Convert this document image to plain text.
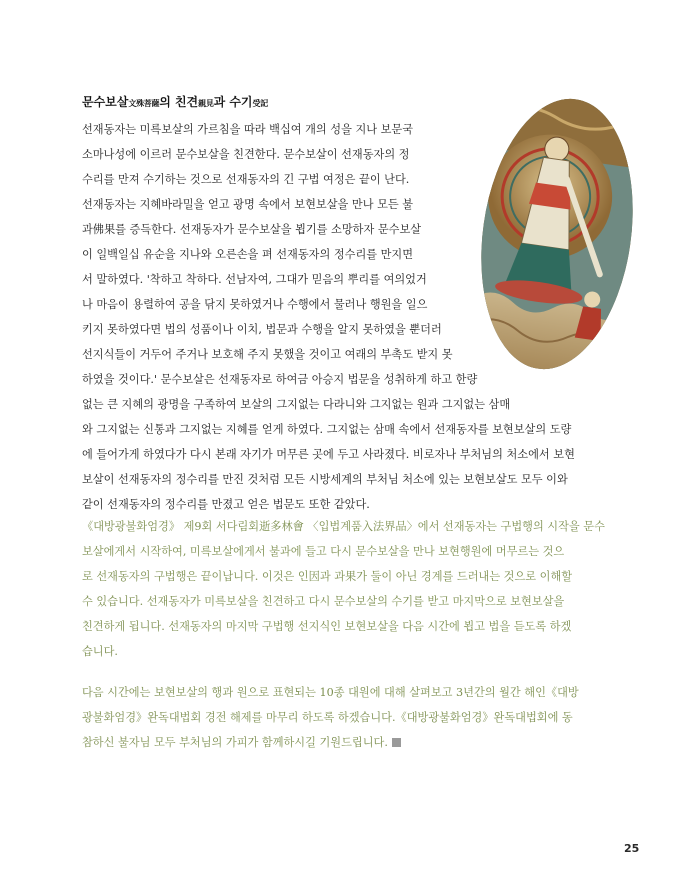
문수보살文殊菩薩의 친견親見과 수기受記
선재동자는 미륵보살의 가르침을 따라 백십여 개의 성을 지나 보문국
소마나성에 이르러 문수보살을 친견한다. 문수보살이 선재동자의 정
수리를 만져 수기하는 것으로 선재동자의 긴 구법 여정은 끝이 난다.
선재동자는 지혜바라밀을 얻고 광명 속에서 보현보살을 만나 모든 불
과佛果를 증득한다. 선재동자가 문수보살을 뵙기를 소망하자 문수보살
이 일백일십 유순을 지나와 오른손을 펴 선재동자의 정수리를 만지면
서 말하였다. '착하고 착하다. 선남자여, 그대가 믿음의 뿌리를 여의었거
나 마음이 용렬하여 공을 닦지 못하였거나 수행에서 물러나 행원을 일으
키지 못하였다면 법의 성품이나 이치, 법문과 수행을 알지 못하였을 뿐더러
선지식들이 거두어 주거나 보호해 주지 못했을 것이고 여래의 부촉도 받지 못
하였을 것이다.' 문수보살은 선재동자로 하여금 아승지 법문을 성취하게 하고 한량
없는 큰 지혜의 광명을 구족하여 보살의 그지없는 다라니와 그지없는 원과 그지없는 삼매
와 그지없는 신통과 그지없는 지혜를 얻게 하였다. 그지없는 삼매 속에서 선재동자를 보현보살의 도량
에 들어가게 하였다가 다시 본래 자기가 머무른 곳에 두고 사라졌다. 비로자나 부처님의 처소에서 보현
보살이 선재동자의 정수리를 만진 것처럼 모든 시방세계의 부처님 처소에 있는 보현보살도 모두 이와
같이 선재동자의 정수리를 만졌고 얻은 법문도 또한 같았다.
《대방광불화엄경》 제9회 서다림회逝多林會 〈입법계품入法界品〉에서 선재동자는 구법행의 시작을 문수
보살에게서 시작하여, 미륵보살에게서 불과에 들고 다시 문수보살을 만나 보현행원에 머무르는 것으
로 선재동자의 구법행은 끝이납니다. 이것은 인因과 과果가 둘이 아닌 경계를 드러내는 것으로 이해할
수 있습니다. 선재동자가 미륵보살을 친견하고 다시 문수보살의 수기를 받고 마지막으로 보현보살을
친견하게 됩니다. 선재동자의 마지막 구법행 선지식인 보현보살을 다음 시간에 뵙고 법을 듣도록 하겠
습니다.
다음 시간에는 보현보살의 행과 원으로 표현되는 10종 대원에 대해 살펴보고 3년간의 월간 해인《대방
광불화엄경》완독대법회 경전 해제를 마무리 하도록 하겠습니다.《대방광불화엄경》완독대법회에 동
참하신 불자님 모두 부처님의 가피가 함께하시길 기원드립니다.
25
